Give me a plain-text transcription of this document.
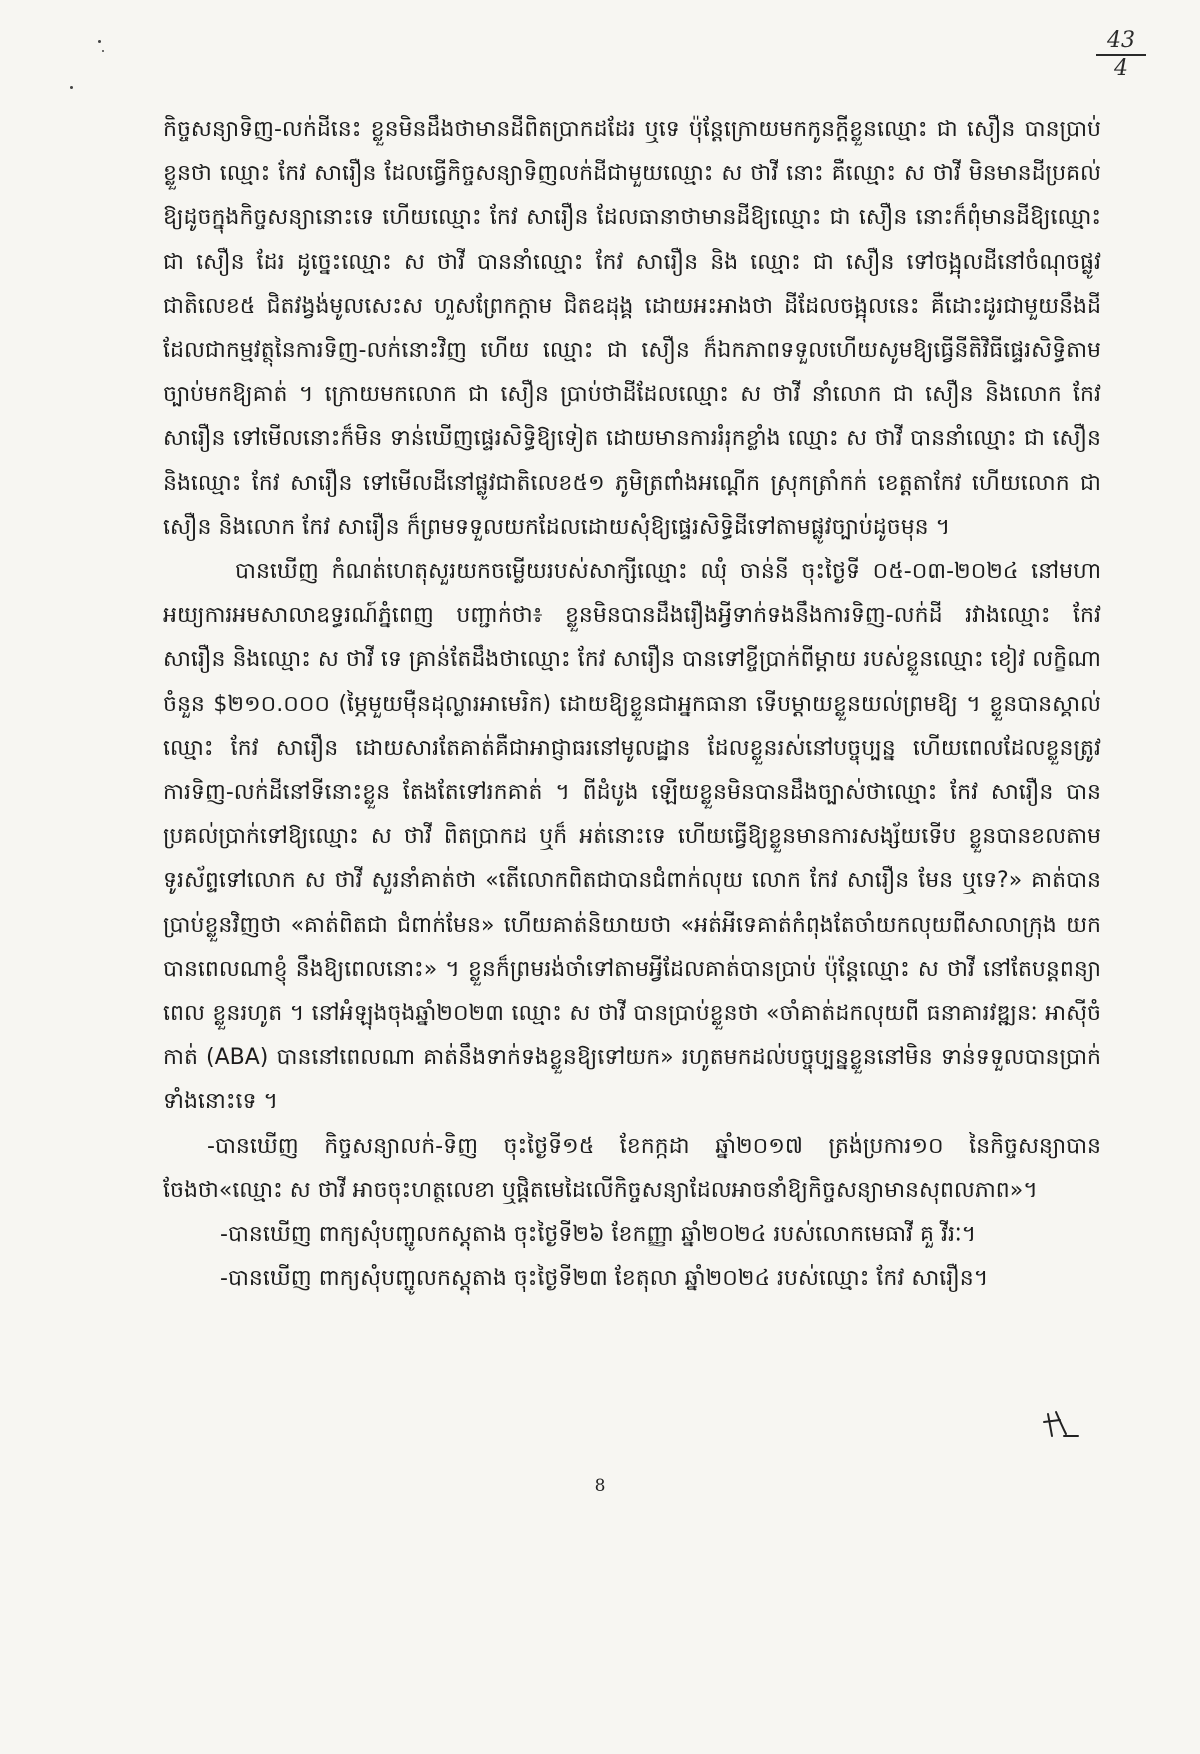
$\frac{43}{4}$

កិច្ចសន្យាទិញ-លក់ដីនេះ ខ្លួនមិនដឹងថាមានដីពិតប្រាកដដែរ ឬទេ ប៉ុន្តែក្រោយមកកូនក្តីខ្លួនឈ្មោះ ជា សឿន បានប្រាប់ខ្លួនថា ឈ្មោះ កែវ សារឿន ដែលធ្វើកិច្ចសន្យាទិញលក់ដីជាមួយឈ្មោះ ស ថាវី នោះ គឺឈ្មោះ ស ថាវី មិនមានដីប្រគល់ឱ្យដូចក្នុងកិច្ចសន្យានោះទេ ហើយឈ្មោះ កែវ សារឿន ដែលធានាថាមានដីឱ្យឈ្មោះ ជា សឿន នោះក៏ពុំមានដីឱ្យឈ្មោះ ជា សឿន ដែរ ដូច្នេះឈ្មោះ ស ថាវី បាននាំឈ្មោះ កែវ សារឿន និង ឈ្មោះ ជា សឿន ទៅចង្អុលដីនៅចំណុចផ្លូវជាតិលេខ៥ ជិតវង្វង់មូលសេះស ហួសព្រែកក្តាម ជិតឧដុង្គ ដោយអះអាងថា ដីដែលចង្អុលនេះ គឺដោះដូរជាមួយនឹងដីដែលជាកម្មវត្ថុនៃការទិញ-លក់នោះវិញ ហើយ ឈ្មោះ ជា សឿន ក៏ឯកភាពទទួលហើយសូមឱ្យធ្វើនីតិវិធីផ្ទេរសិទ្ធិតាមច្បាប់មកឱ្យគាត់ ។ ក្រោយមកលោក ជា សឿន ប្រាប់ថាដីដែលឈ្មោះ ស ថាវី នាំលោក ជា សឿន និងលោក កែវ សារឿន ទៅមើលនោះក៏មិន ទាន់ឃើញផ្ទេរសិទ្ធិឱ្យទៀត ដោយមានការរំរុកខ្លាំង ឈ្មោះ ស ថាវី បាននាំឈ្មោះ ជា សឿន និងឈ្មោះ កែវ សារឿន ទៅមើលដីនៅផ្លូវជាតិលេខ៥១ ភូមិត្រពាំងអណ្តើក ស្រុកត្រាំកក់ ខេត្តតាកែវ ហើយលោក ជា សឿន និងលោក កែវ សារឿន ក៏ព្រមទទួលយកដែលដោយសុំឱ្យផ្ទេរសិទ្ធិដីទៅតាមផ្លូវច្បាប់ដូចមុន ។

បានឃើញ កំណត់ហេតុសួរយកចម្លើយរបស់សាក្សីឈ្មោះ ឈុំ ចាន់នី ចុះថ្ងៃទី ០៥-០៣-២០២៤ នៅមហាអយ្យការអមសាលាឧទ្ធរណ៍ភ្នំពេញ បញ្ជាក់ថា៖ ខ្លួនមិនបានដឹងរឿងអ្វីទាក់ទងនឹងការទិញ-លក់ដី រវាងឈ្មោះ កែវ សារឿន និងឈ្មោះ ស ថាវី ទេ គ្រាន់តែដឹងថាឈ្មោះ កែវ សារឿន បានទៅខ្ចីប្រាក់ពីម្តាយ របស់ខ្លួនឈ្មោះ ខៀវ លក្ខិណា ចំនួន $២១០.០០០ (ម្ភៃមួយម៉ឺនដុល្លារអាមេរិក) ដោយឱ្យខ្លួនជាអ្នកធានា ទើបម្តាយខ្លួនយល់ព្រមឱ្យ ។ ខ្លួនបានស្គាល់ឈ្មោះ កែវ សារឿន ដោយសារតែគាត់គឺជាអាជ្ញាធរនៅមូលដ្ឋាន ដែលខ្លួនរស់នៅបច្ចុប្បន្ន ហើយពេលដែលខ្លួនត្រូវការទិញ-លក់ដីនៅទីនោះខ្លួន តែងតែទៅរកគាត់ ។ ពីដំបូង ឡើយខ្លួនមិនបានដឹងច្បាស់ថាឈ្មោះ កែវ សារឿន បានប្រគល់ប្រាក់ទៅឱ្យឈ្មោះ ស ថាវី ពិតប្រាកដ ឬក៏ អត់នោះទេ ហើយធ្វើឱ្យខ្លួនមានការសង្ស័យទើប ខ្លួនបានខលតាមទូរស័ព្ទទៅលោក ស ថាវី សួរនាំគាត់ថា «តើលោកពិតជាបានជំពាក់លុយ លោក កែវ សារឿន មែន ឬទេ?» គាត់បានប្រាប់ខ្លួនវិញថា «គាត់ពិតជា ជំពាក់មែន» ហើយគាត់និយាយថា «អត់អីទេគាត់កំពុងតែចាំយកលុយពីសាលាក្រុង យកបានពេលណាខ្ញុំ នឹងឱ្យពេលនោះ» ។ ខ្លួនក៏ព្រមរង់ចាំទៅតាមអ្វីដែលគាត់បានប្រាប់ ប៉ុន្តែឈ្មោះ ស ថាវី នៅតែបន្តពន្យាពេល ខ្លួនរហូត ។ នៅអំឡុងចុងឆ្នាំ២០២៣ ឈ្មោះ ស ថាវី បានប្រាប់ខ្លួនថា «ចាំគាត់ដកលុយពី ធនាគារវឌ្ឍនៈ អាស៊ីចំកាត់ (ABA) បាននៅពេលណា គាត់នឹងទាក់ទងខ្លួនឱ្យទៅយក» រហូតមកដល់បច្ចុប្បន្នខ្លួននៅមិន ទាន់ទទួលបានប្រាក់ទាំងនោះទេ ។

-បានឃើញ កិច្ចសន្យាលក់-ទិញ ចុះថ្ងៃទី១៥ ខែកក្កដា ឆ្នាំ២០១៧ ត្រង់ប្រការ១០ នៃកិច្ចសន្យាបាន ចែងថា«ឈ្មោះ ស ថាវី អាចចុះហត្ថលេខា ឬផ្តិតមេដៃលើកិច្ចសន្យាដែលអាចនាំឱ្យកិច្ចសន្យាមានសុពលភាព»។

-បានឃើញ ពាក្យសុំបញ្ចូលកស្តុតាង ចុះថ្ងៃទី២៦ ខែកញ្ញា ឆ្នាំ២០២៤ របស់លោកមេធាវី គួ វីរៈ។

-បានឃើញ ពាក្យសុំបញ្ចូលកស្តុតាង ចុះថ្ងៃទី២៣ ខែតុលា ឆ្នាំ២០២៤ របស់ឈ្មោះ កែវ សារឿន។

8
